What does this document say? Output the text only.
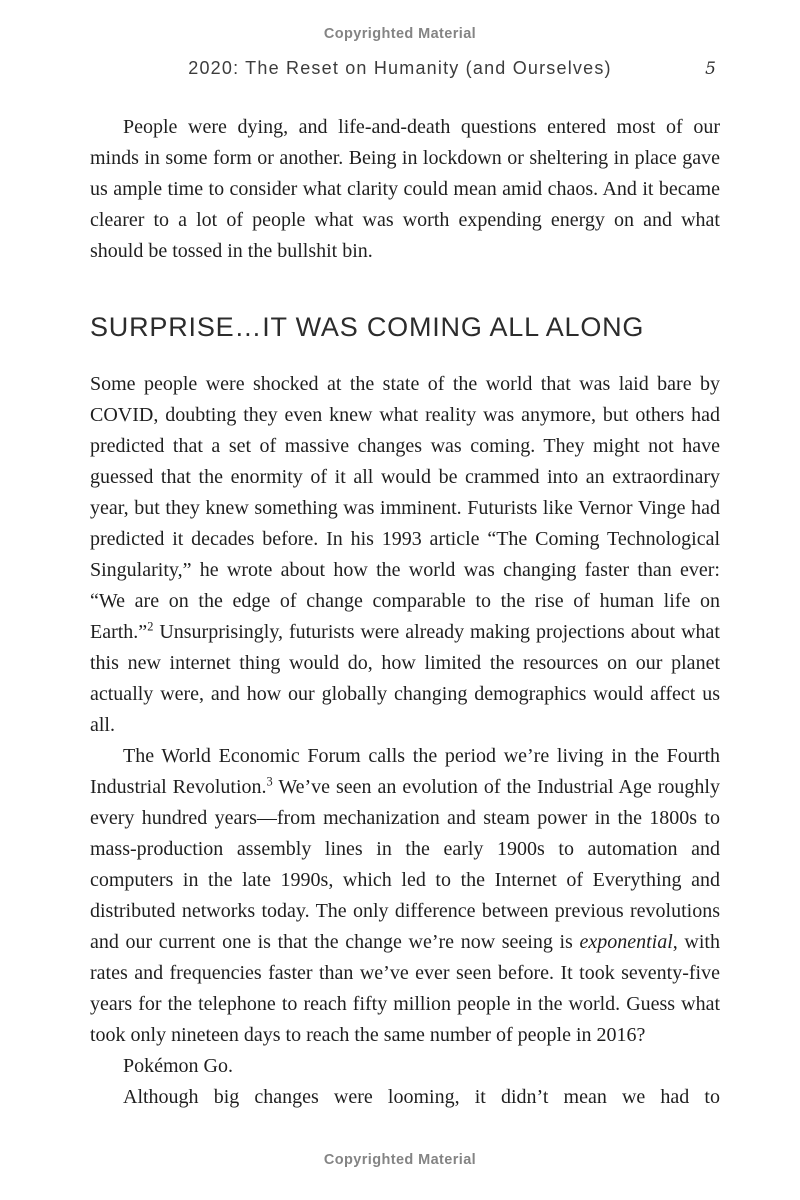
Copyrighted Material
2020: The Reset on Humanity (and Ourselves)	5

People were dying, and life-and-death questions entered most of our minds in some form or another. Being in lockdown or sheltering in place gave us ample time to consider what clarity could mean amid chaos. And it became clearer to a lot of people what was worth expending energy on and what should be tossed in the bullshit bin.

SURPRISE…IT WAS COMING ALL ALONG

Some people were shocked at the state of the world that was laid bare by COVID, doubting they even knew what reality was anymore, but others had predicted that a set of massive changes was coming. They might not have guessed that the enormity of it all would be crammed into an extraordinary year, but they knew something was imminent. Futurists like Vernor Vinge had predicted it decades before. In his 1993 article “The Coming Technological Singularity,” he wrote about how the world was changing faster than ever: “We are on the edge of change comparable to the rise of human life on Earth.”$^2$ Unsurprisingly, futurists were already making projections about what this new internet thing would do, how limited the resources on our planet actually were, and how our globally changing demographics would affect us all.

The World Economic Forum calls the period we’re living in the Fourth Industrial Revolution.$^3$ We’ve seen an evolution of the Industrial Age roughly every hundred years—from mechanization and steam power in the 1800s to mass-production assembly lines in the early 1900s to automation and computers in the late 1990s, which led to the Internet of Everything and distributed networks today. The only difference between previous revolutions and our current one is that the change we’re now seeing is exponential, with rates and frequencies faster than we’ve ever seen before. It took seventy-five years for the telephone to reach fifty million people in the world. Guess what took only nineteen days to reach the same number of people in 2016?

Pokémon Go.

Although big changes were looming, it didn’t mean we had to

Copyrighted Material
